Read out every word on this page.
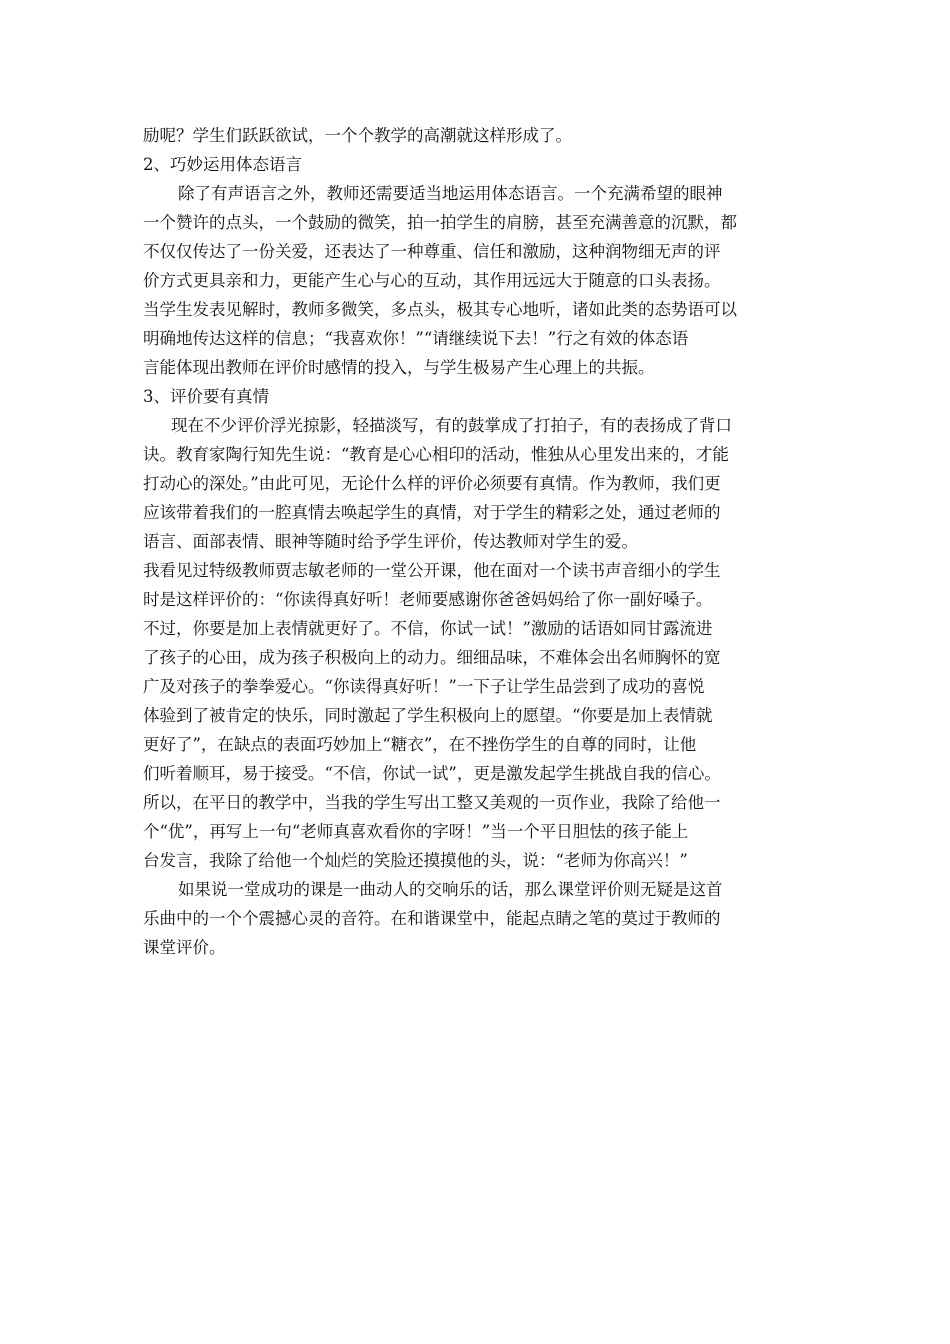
励呢？学生们跃跃欲试，一个个教学的高潮就这样形成了。
2、巧妙运用体态语言
除了有声语言之外，教师还需要适当地运用体态语言。一个充满希望的眼神
一个赞许的点头，一个鼓励的微笑，拍一拍学生的肩膀，甚至充满善意的沉默，都
不仅仅传达了一份关爱，还表达了一种尊重、信任和激励，这种润物细无声的评
价方式更具亲和力，更能产生心与心的互动，其作用远远大于随意的口头表扬。
当学生发表见解时，教师多微笑，多点头，极其专心地听，诸如此类的态势语可以
明确地传达这样的信息；“我喜欢你！”“请继续说下去！”行之有效的体态语
言能体现出教师在评价时感情的投入，与学生极易产生心理上的共振。
3、评价要有真情
现在不少评价浮光掠影，轻描淡写，有的鼓掌成了打拍子，有的表扬成了背口
诀。教育家陶行知先生说：“教育是心心相印的活动，惟独从心里发出来的，才能
打动心的深处。”由此可见，无论什么样的评价必须要有真情。作为教师，我们更
应该带着我们的一腔真情去唤起学生的真情，对于学生的精彩之处，通过老师的
语言、面部表情、眼神等随时给予学生评价，传达教师对学生的爱。
我看见过特级教师贾志敏老师的一堂公开课，他在面对一个读书声音细小的学生
时是这样评价的：“你读得真好听！老师要感谢你爸爸妈妈给了你一副好嗓子。
不过，你要是加上表情就更好了。不信，你试一试！”激励的话语如同甘露流进
了孩子的心田，成为孩子积极向上的动力。细细品味，不难体会出名师胸怀的宽
广及对孩子的拳拳爱心。“你读得真好听！”一下子让学生品尝到了成功的喜悦
体验到了被肯定的快乐，同时激起了学生积极向上的愿望。“你要是加上表情就
更好了”，在缺点的表面巧妙加上“糖衣”，在不挫伤学生的自尊的同时，让他
们听着顺耳，易于接受。“不信，你试一试”，更是激发起学生挑战自我的信心。
所以，在平日的教学中，当我的学生写出工整又美观的一页作业，我除了给他一
个“优”，再写上一句“老师真喜欢看你的字呀！”当一个平日胆怯的孩子能上
台发言，我除了给他一个灿烂的笑脸还摸摸他的头，说：“老师为你高兴！”
如果说一堂成功的课是一曲动人的交响乐的话，那么课堂评价则无疑是这首
乐曲中的一个个震撼心灵的音符。在和谐课堂中，能起点睛之笔的莫过于教师的
课堂评价。
